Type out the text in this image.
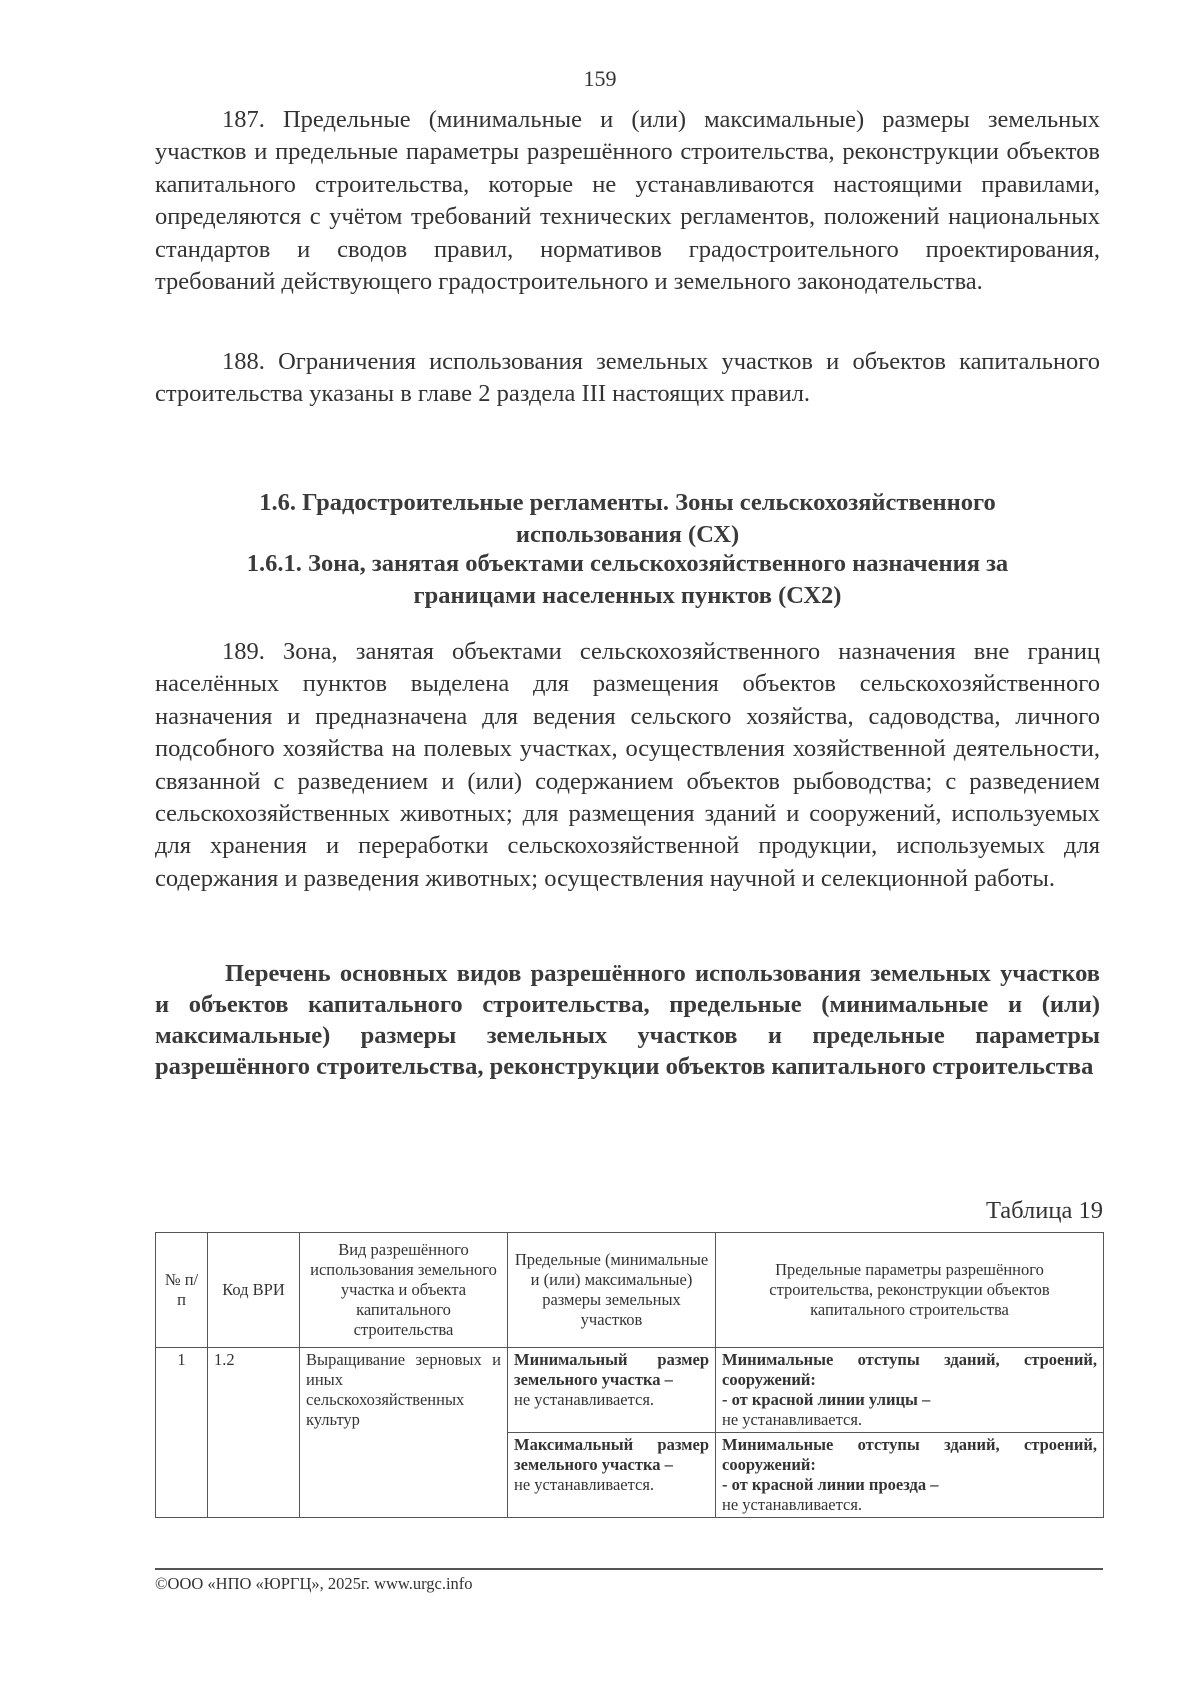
159
187. Предельные (минимальные и (или) максимальные) размеры земельных участков и предельные параметры разрешённого строительства, реконструкции объектов капитального строительства, которые не устанавливаются настоящими правилами, определяются с учётом требований технических регламентов, положений национальных стандартов и сводов правил, нормативов градостроительного проектирования, требований действующего градостроительного и земельного законодательства.
188. Ограничения использования земельных участков и объектов капитального строительства указаны в главе 2 раздела III настоящих правил.
1.6. Градостроительные регламенты. Зоны сельскохозяйственного
использования (СХ)
1.6.1. Зона, занятая объектами сельскохозяйственного назначения за
границами населенных пунктов (СХ2)
189. Зона, занятая объектами сельскохозяйственного назначения вне границ населённых пунктов выделена для размещения объектов сельскохозяйственного назначения и предназначена для ведения сельского хозяйства, садоводства, личного подсобного хозяйства на полевых участках, осуществления хозяйственной деятельности, связанной с разведением и (или) содержанием объектов рыбоводства; с разведением сельскохозяйственных животных; для размещения зданий и сооружений, используемых для хранения и переработки сельскохозяйственной продукции, используемых для содержания и разведения животных; осуществления научной и селекционной работы.
Перечень основных видов разрешённого использования земельных участков и объектов капитального строительства, предельные (минимальные и (или) максимальные) размеры земельных участков и предельные параметры разрешённого строительства, реконструкции объектов капитального строительства
Таблица 19
№ п/п	Код ВРИ	Вид разрешённого использования земельного участка и объекта капитального строительства	Предельные (минимальные и (или) максимальные) размеры земельных участков	Предельные параметры разрешённого строительства, реконструкции объектов капитального строительства
1	1.2	Выращивание зерновых и иных сельскохозяйственных культур	Минимальный размер земельного участка –
не устанавливается.	Минимальные отступы зданий, строений, сооружений:
- от красной линии улицы –
не устанавливается.
			Максимальный размер земельного участка –
не устанавливается.	Минимальные отступы зданий, строений, сооружений:
- от красной линии проезда –
не устанавливается.
©ООО «НПО «ЮРГЦ», 2025г. www.urgc.info
